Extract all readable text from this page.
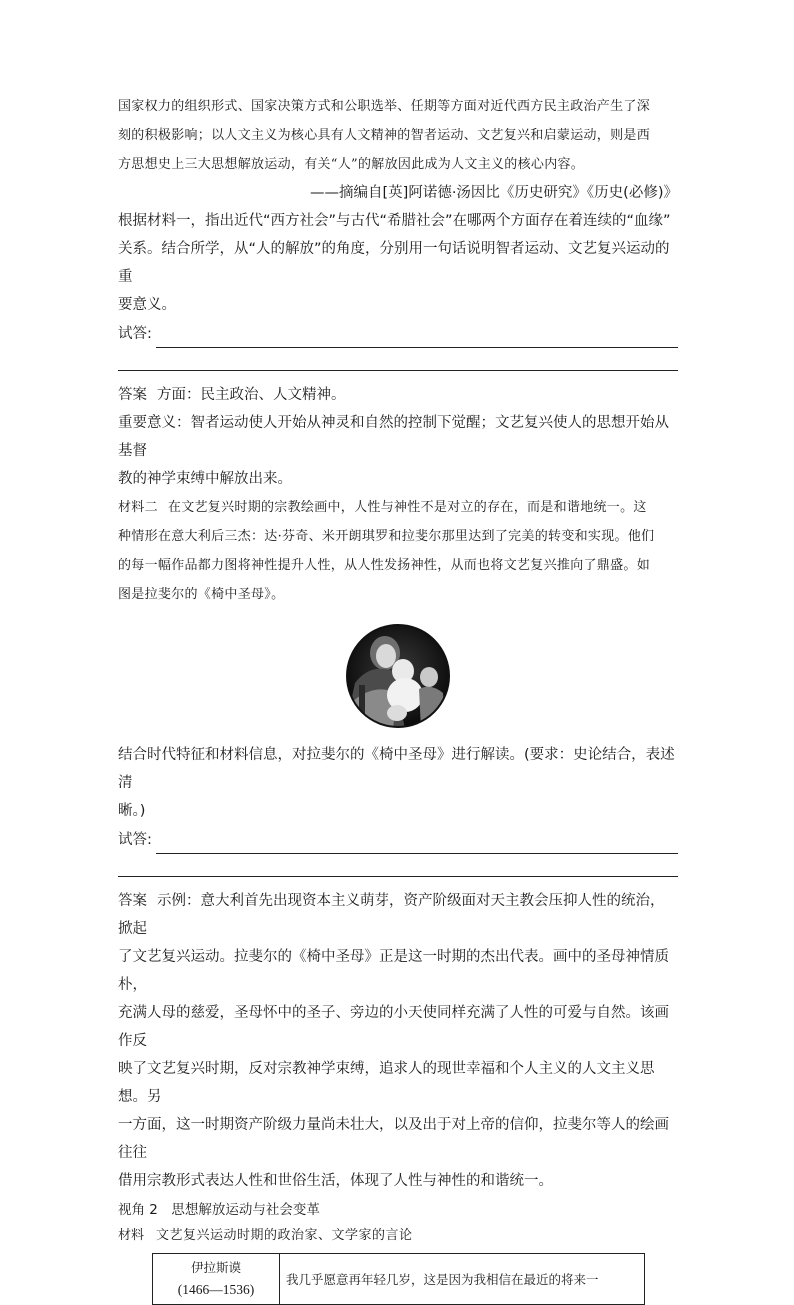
国家权力的组织形式、国家决策方式和公职选举、任期等方面对近代西方民主政治产生了深

刻的积极影响；以人文主义为核心具有人文精神的智者运动、文艺复兴和启蒙运动，则是西

方思想史上三大思想解放运动，有关“人”的解放因此成为人文主义的核心内容。

——摘编自[英]阿诺德·汤因比《历史研究》《历史(必修)》

根据材料一，指出近代“西方社会”与古代“希腊社会”在哪两个方面存在着连续的“血缘”

关系。结合所学，从“人的解放”的角度，分别用一句话说明智者运动、文艺复兴运动的重

要意义。

试答:

答案 方面：民主政治、人文精神。

重要意义：智者运动使人开始从神灵和自然的控制下觉醒；文艺复兴使人的思想开始从基督

教的神学束缚中解放出来。

材料二 在文艺复兴时期的宗教绘画中，人性与神性不是对立的存在，而是和谐地统一。这

种情形在意大利后三杰：达·芬奇、米开朗琪罗和拉斐尔那里达到了完美的转变和实现。他们

的每一幅作品都力图将神性提升人性，从人性发扬神性，从而也将文艺复兴推向了鼎盛。如

图是拉斐尔的《椅中圣母》。

结合时代特征和材料信息，对拉斐尔的《椅中圣母》进行解读。(要求：史论结合，表述清

晰。)

试答:

答案 示例：意大利首先出现资本主义萌芽，资产阶级面对天主教会压抑人性的统治，掀起

了文艺复兴运动。拉斐尔的《椅中圣母》正是这一时期的杰出代表。画中的圣母神情质朴，

充满人母的慈爱，圣母怀中的圣子、旁边的小天使同样充满了人性的可爱与自然。该画作反

映了文艺复兴时期，反对宗教神学束缚，追求人的现世幸福和个人主义的人文主义思想。另

一方面，这一时期资产阶级力量尚未壮大，以及出于对上帝的信仰，拉斐尔等人的绘画往往

借用宗教形式表达人性和世俗生活，体现了人性与神性的和谐统一。

视角 2　思想解放运动与社会变革

材料 文艺复兴运动时期的政治家、文学家的言论

伊拉斯谟
(1466—1536)
	我几乎愿意再年轻几岁，这是因为我相信在最近的将来一
